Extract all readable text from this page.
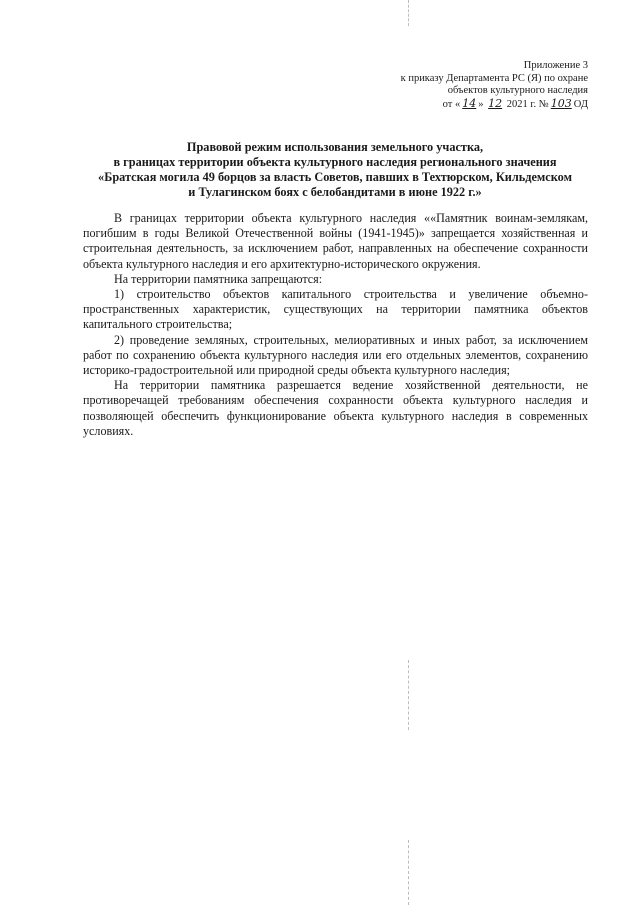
Приложение 3
к приказу Департамента РС (Я) по охране
объектов культурного наследия
от « 14 » 12 2021 г. № 103 ОД
Правовой режим использования земельного участка,
в границах территории объекта культурного наследия регионального значения
«Братская могила 49 борцов за власть Советов, павших в Техтюрском, Кильдемском
и Тулагинском боях с белобандитами в июне 1922 г.»

В границах территории объекта культурного наследия ««Памятник воинам-землякам, погибшим в годы Великой Отечественной войны (1941-1945)» запрещается хозяйственная и строительная деятельность, за исключением работ, направленных на обеспечение сохранности объекта культурного наследия и его архитектурно-исторического окружения.

На территории памятника запрещаются:

1) строительство объектов капитального строительства и увеличение объемно-пространственных характеристик, существующих на территории памятника объектов капитального строительства;

2) проведение земляных, строительных, мелиоративных и иных работ, за исключением работ по сохранению объекта культурного наследия или его отдельных элементов, сохранению историко-градостроительной или природной среды объекта культурного наследия;

На территории памятника разрешается ведение хозяйственной деятельности, не противоречащей требованиям обеспечения сохранности объекта культурного наследия и позволяющей обеспечить функционирование объекта культурного наследия в современных условиях.
